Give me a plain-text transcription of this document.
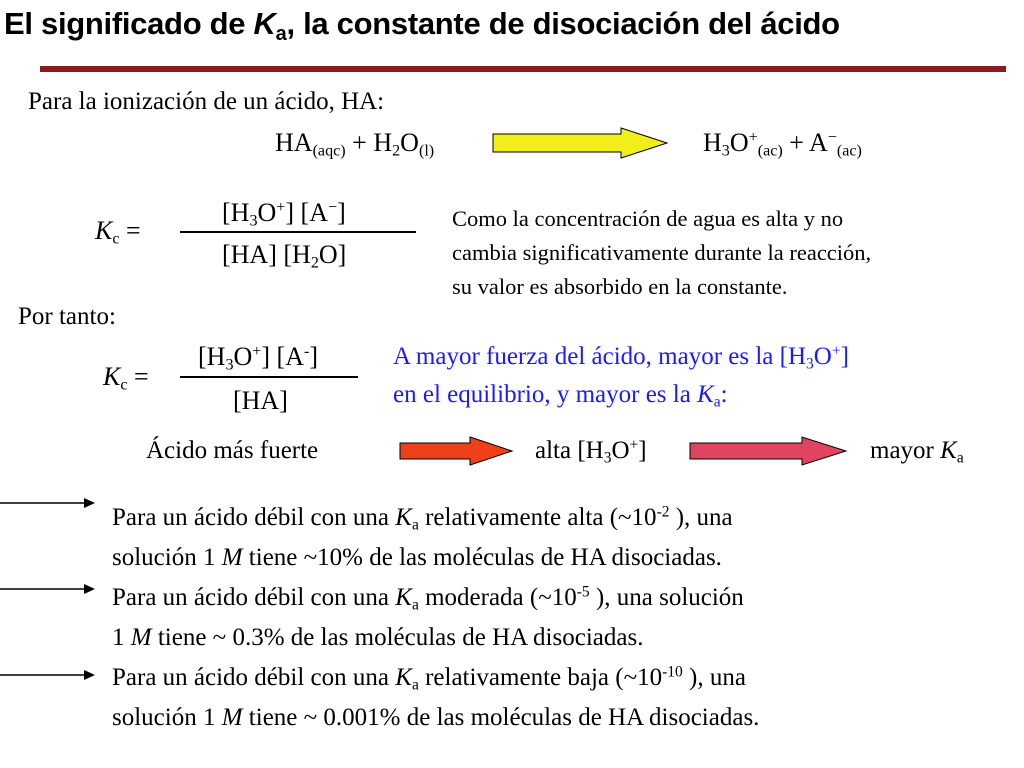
El significado de $K_a$, la constante de disociación del ácido
Para la ionización de un ácido, HA:
$HA_{(aqc)} + H_2O_{(l)}$	$H_3O^+_{(ac)} + A^-_{(ac)}$
$K_c$ =
$[H_3O^+]$ [A−]
[HA] $[H_2O]$
Como la concentración de agua es alta y no
cambia significativamente durante la reacción,
su valor es absorbido en la constante.
Por tanto:
$K_c$ =
$[H_3O^+]$ [A-]
[HA]
A mayor fuerza del ácido, mayor es la $[H_3O^+]$
en el equilibrio, y mayor es la $K_a$:
Ácido más fuerte	alta $[H_3O^+]$	mayor $K_a$
Para un ácido débil con una $K_a$ relativamente alta ($\sim 10^{-2}$ ), una
solución 1 M tiene ~10% de las moléculas de HA disociadas.
Para un ácido débil con una $K_a$ moderada ($\sim 10^{-5}$ ), una solución
1 M tiene ~ 0.3% de las moléculas de HA disociadas.
Para un ácido débil con una $K_a$ relativamente baja ($\sim 10^{-10}$ ), una
solución 1 M tiene ~ 0.001% de las moléculas de HA disociadas.
